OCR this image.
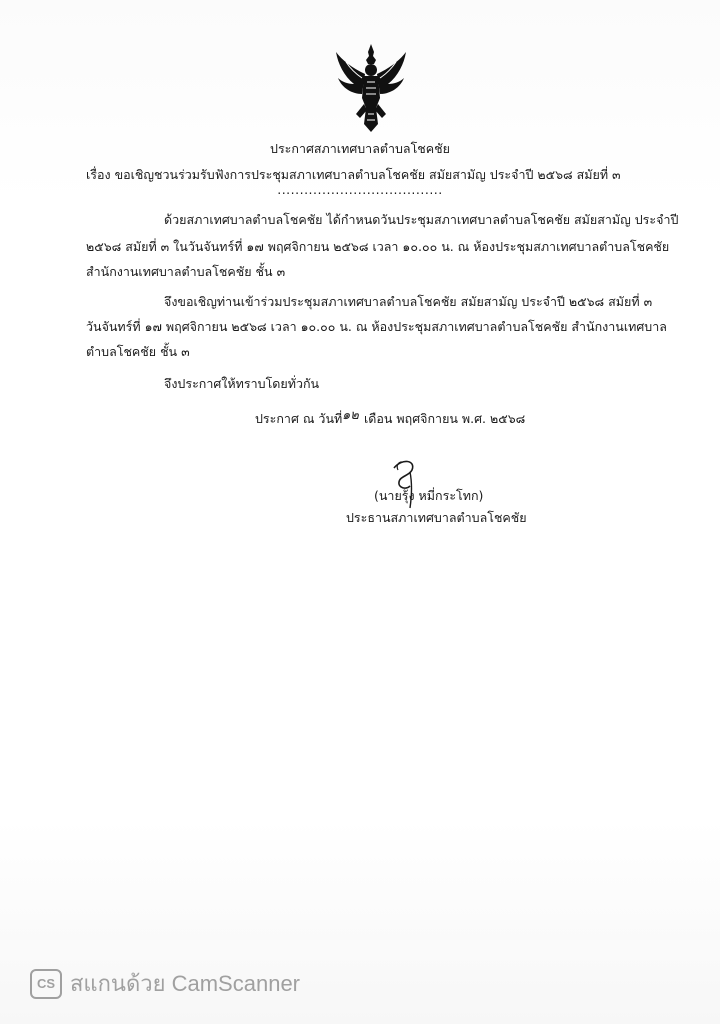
ประกาศสภาเทศบาลตำบลโชคชัย
เรื่อง ขอเชิญชวนร่วมรับฟังการประชุมสภาเทศบาลตำบลโชคชัย สมัยสามัญ ประจำปี ๒๕๖๘ สมัยที่ ๓
.....................................
ด้วยสภาเทศบาลตำบลโชคชัย ได้กำหนดวันประชุมสภาเทศบาลตำบลโชคชัย สมัยสามัญ ประจำปี
๒๕๖๘ สมัยที่ ๓ ในวันจันทร์ที่ ๑๗ พฤศจิกายน ๒๕๖๘ เวลา ๑๐.๐๐ น. ณ ห้องประชุมสภาเทศบาลตำบลโชคชัย
สำนักงานเทศบาลตำบลโชคชัย ชั้น ๓
จึงขอเชิญท่านเข้าร่วมประชุมสภาเทศบาลตำบลโชคชัย สมัยสามัญ ประจำปี ๒๕๖๘ สมัยที่ ๓
วันจันทร์ที่ ๑๗ พฤศจิกายน ๒๕๖๘ เวลา ๑๐.๐๐ น. ณ ห้องประชุมสภาเทศบาลตำบลโชคชัย สำนักงานเทศบาล
ตำบลโชคชัย ชั้น ๓
จึงประกาศให้ทราบโดยทั่วกัน
ประกาศ ณ วันที่ ๑๒ เดือน พฤศจิกายน พ.ศ. ๒๕๖๘
(นายรุ้ง หมี่กระโทก)
ประธานสภาเทศบาลตำบลโชคชัย
CS สแกนด้วย CamScanner
